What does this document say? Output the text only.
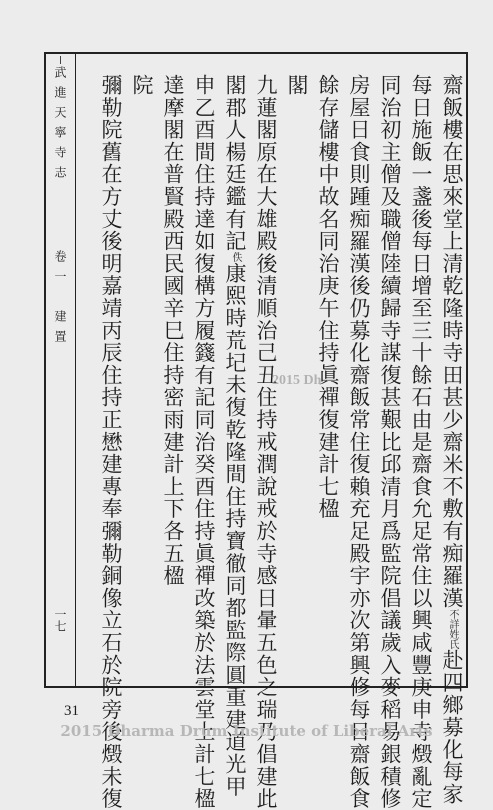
武進天寧寺志
卷一　建置
一七
齋飯樓在思來堂上清乾隆時寺田甚少齋米不敷有痴羅漢不詳姓氏赴四鄉募化每家
每日施飯一盞後每日增至三十餘石由是齋食允足常住以興咸豐庚申寺燬亂定
同治初主僧及職僧陸續歸寺謀復甚艱比邱清月爲監院倡議歲入麥稻易銀積修
房屋日食則踵痴羅漢後仍募化齋飯常住復賴充足殿宇亦次第興修每日齋飯食
餘存儲樓中故名同治庚午住持眞禪復建計七楹
閣
九蓮閣原在大雄殿後清順治己丑住持戒潤說戒於寺感日暈五色之瑞乃倡建此
閣郡人楊廷鑑有記佚康熙時荒圮未復乾隆間住持寶徹同都監際圓重建道光甲
申乙酉間住持達如復構方履籛有記同治癸酉住持眞禪改築於法雲堂上計七楹
達摩閣在普賢殿西民國辛巳住持密雨建計上下各五楹
院
彌勒院舊在方丈後明嘉靖丙辰住持正懋建專奉彌勒銅像立石於院旁後燬未復	2015 Dh
31
2015 Dharma Drum Institute of Liberal Arts
